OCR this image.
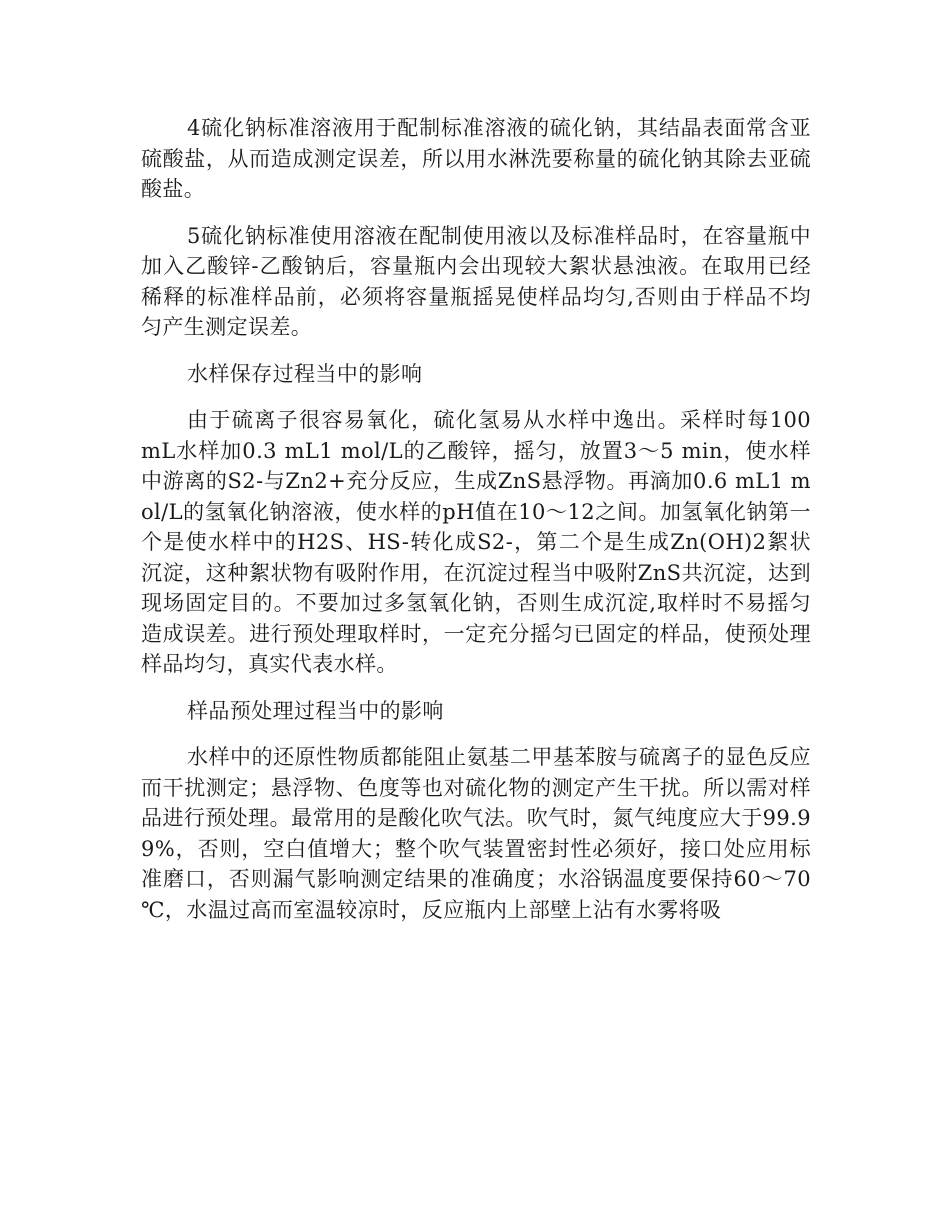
4硫化钠标准溶液用于配制标准溶液的硫化钠，其结晶表面常含亚硫酸盐，从而造成测定误差，所以用水淋洗要称量的硫化钠其除去亚硫酸盐。

5硫化钠标准使用溶液在配制使用液以及标准样品时，在容量瓶中加入乙酸锌-乙酸钠后，容量瓶内会出现较大絮状悬浊液。在取用已经稀释的标准样品前，必须将容量瓶摇晃使样品均匀,否则由于样品不均匀产生测定误差。

水样保存过程当中的影响

由于硫离子很容易氧化，硫化氢易从水样中逸出。采样时每100 mL水样加0.3 mL1 mol/L的乙酸锌，摇匀，放置3～5 min，使水样中游离的S2-与Zn2+充分反应，生成ZnS悬浮物。再滴加0.6 mL1 mol/L的氢氧化钠溶液，使水样的pH值在10～12之间。加氢氧化钠第一个是使水样中的H2S、HS-转化成S2-，第二个是生成Zn(OH)2絮状沉淀，这种絮状物有吸附作用，在沉淀过程当中吸附ZnS共沉淀，达到现场固定目的。不要加过多氢氧化钠，否则生成沉淀,取样时不易摇匀造成误差。进行预处理取样时，一定充分摇匀已固定的样品，使预处理样品均匀，真实代表水样。

样品预处理过程当中的影响

水样中的还原性物质都能阻止氨基二甲基苯胺与硫离子的显色反应而干扰测定；悬浮物、色度等也对硫化物的测定产生干扰。所以需对样品进行预处理。最常用的是酸化吹气法。吹气时，氮气纯度应大于99.99%，否则，空白值增大；整个吹气装置密封性必须好，接口处应用标准磨口，否则漏气影响测定结果的准确度；水浴锅温度要保持60～70 ℃，水温过高而室温较凉时，反应瓶内上部壁上沾有水雾将吸
